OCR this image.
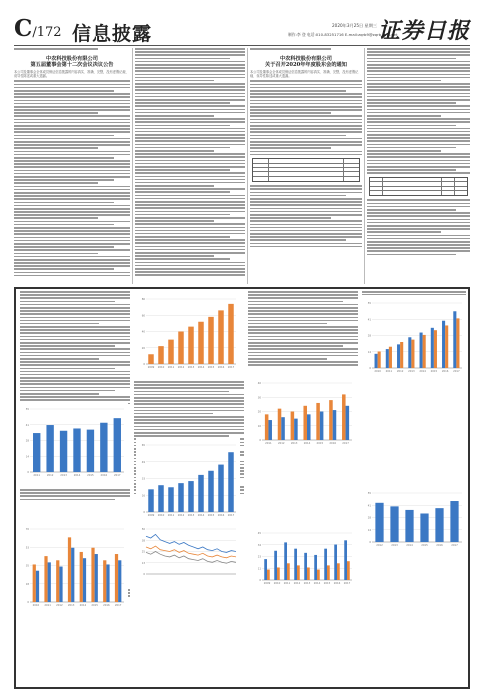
C/172 信息披露	2020年3月25日 星期三
制作:李 登 电话:010-83251716 E-mail:zqrb9@zqrb.sina.net
证券日报
中农科技股份有限公司
第五届董事会第十二次会议决议公告
本公司及董事会全体成员保证信息披露的内容真实、准确、完整，没有虚假记载、误导性陈述或重大遗漏。
中农科技股份有限公司
关于召开2020年年度股东会的通知
本公司及董事会全体成员保证信息披露的内容真实、准确、完整，没有虚假记载、误导性陈述或重大遗漏。
80
60
40
20
0
2009 2010 2011 2012 2013 2014 2015 2016 2017
55
41
28
14
0
2011	2012	2013	2014	2015	2016	2017
65
49
33
16
0
2009 2010 2011 2012 2013 2014 2015 2016 2017
50
38
25
13
0
70
53
35
18
0
2010 2011 2012 2013 2014 2015 2016 2017
40
30
20
10
0
2011 2012 2013 2014 2015 2016 2017
45
34
23
11
0
2009 2010 2011 2012 2013 2014 2015 2016 2017
55
41
28
14
0
2010 2011 2012 2013 2014 2015 2016 2017
55
41
28
14
0
2012	2013	2014	2015	2016	2017
